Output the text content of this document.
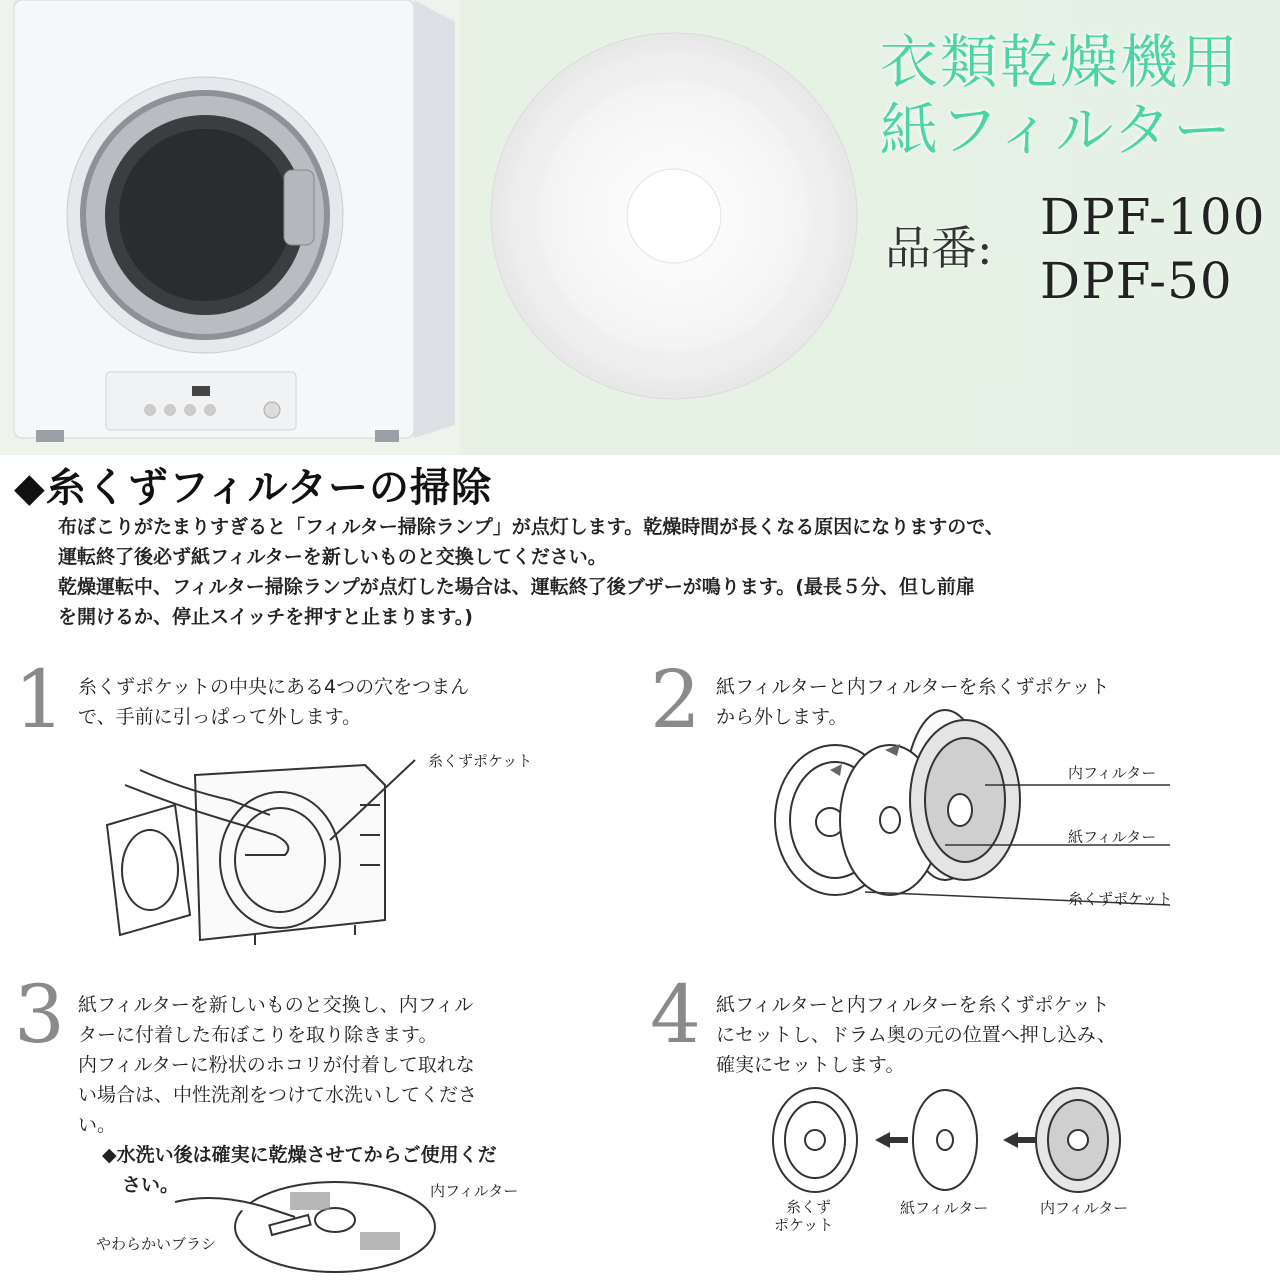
衣類乾燥機用
紙フィルター
品番:
DPF-100
DPF-50
◆糸くずフィルターの掃除

布ぼこりがたまりすぎると「フィルター掃除ランプ」が点灯します。乾燥時間が長くなる原因になりますので、

運転終了後必ず紙フィルターを新しいものと交換してください。

乾燥運転中、フィルター掃除ランプが点灯した場合は、運転終了後ブザーが鳴ります。(最長５分、但し前扉

を開けるか、停止スイッチを押すと止まります。)

1 糸くずポケットの中央にある4つの穴をつまん

で、手前に引っぱって外します。

糸くずポケット
2 紙フィルターと内フィルターを糸くずポケット

から外します。

内フィルター
紙フィルター
糸くずポケット
3 紙フィルターを新しいものと交換し、内フィル

ターに付着した布ぼこりを取り除きます。

内フィルターに粉状のホコリが付着して取れな

い場合は、中性洗剤をつけて水洗いしてくださ

い。

◆水洗い後は確実に乾燥させてからご使用くだ

さい。	内フィルター
やわらかいブラシ
4 紙フィルターと内フィルターを糸くずポケット

にセットし、ドラム奥の元の位置へ押し込み、

確実にセットします。

糸くず
ポケット
紙フィルター	内フィルター
